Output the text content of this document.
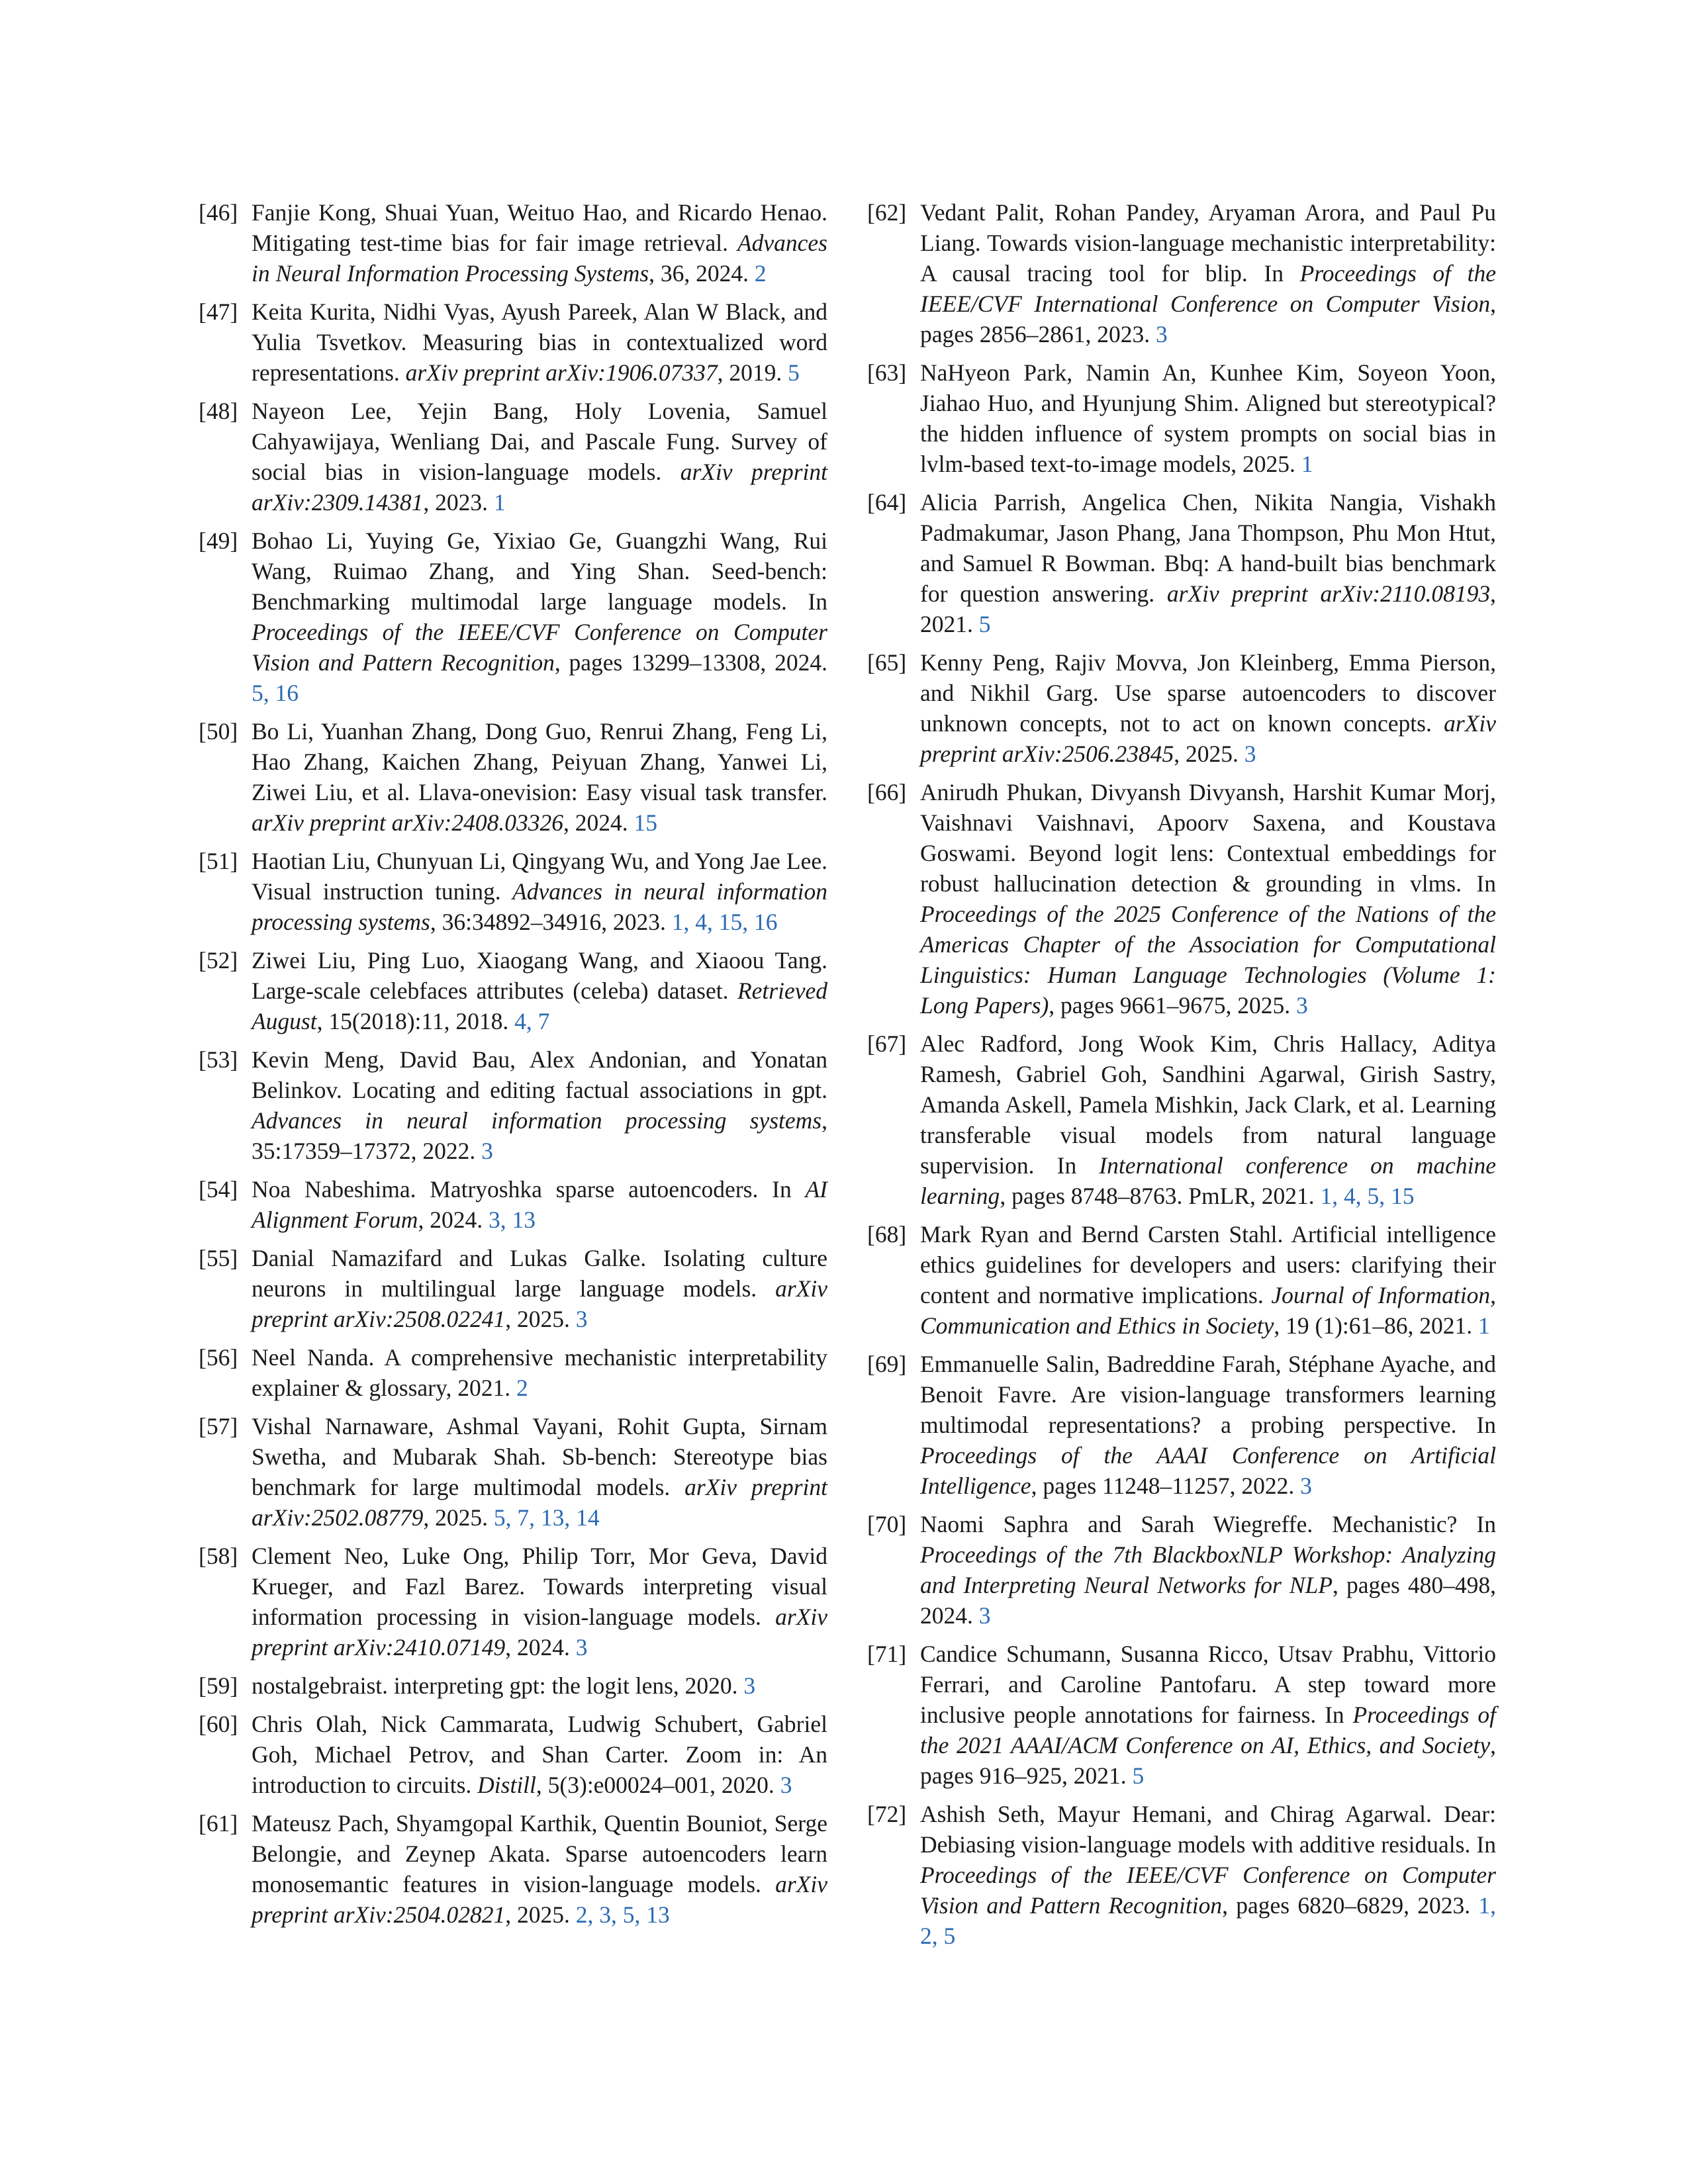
[46] Fanjie Kong, Shuai Yuan, Weituo Hao, and Ricardo Henao. Mitigating test-time bias for fair image retrieval. Advances in Neural Information Processing Systems, 36, 2024. 2
[47] Keita Kurita, Nidhi Vyas, Ayush Pareek, Alan W Black, and Yulia Tsvetkov. Measuring bias in contextualized word representations. arXiv preprint arXiv:1906.07337, 2019. 5
[48] Nayeon Lee, Yejin Bang, Holy Lovenia, Samuel Cahyawijaya, Wenliang Dai, and Pascale Fung. Survey of social bias in vision-language models. arXiv preprint arXiv:2309.14381, 2023. 1
[49] Bohao Li, Yuying Ge, Yixiao Ge, Guangzhi Wang, Rui Wang, Ruimao Zhang, and Ying Shan. Seed-bench: Benchmarking multimodal large language models. In Proceedings of the IEEE/CVF Conference on Computer Vision and Pattern Recognition, pages 13299–13308, 2024. 5, 16
[50] Bo Li, Yuanhan Zhang, Dong Guo, Renrui Zhang, Feng Li, Hao Zhang, Kaichen Zhang, Peiyuan Zhang, Yanwei Li, Ziwei Liu, et al. Llava-onevision: Easy visual task transfer. arXiv preprint arXiv:2408.03326, 2024. 15
[51] Haotian Liu, Chunyuan Li, Qingyang Wu, and Yong Jae Lee. Visual instruction tuning. Advances in neural information processing systems, 36:34892–34916, 2023. 1, 4, 15, 16
[52] Ziwei Liu, Ping Luo, Xiaogang Wang, and Xiaoou Tang. Large-scale celebfaces attributes (celeba) dataset. Retrieved August, 15(2018):11, 2018. 4, 7
[53] Kevin Meng, David Bau, Alex Andonian, and Yonatan Belinkov. Locating and editing factual associations in gpt. Advances in neural information processing systems, 35:17359–17372, 2022. 3
[54] Noa Nabeshima. Matryoshka sparse autoencoders. In AI Alignment Forum, 2024. 3, 13
[55] Danial Namazifard and Lukas Galke. Isolating culture neurons in multilingual large language models. arXiv preprint arXiv:2508.02241, 2025. 3
[56] Neel Nanda. A comprehensive mechanistic interpretability explainer & glossary, 2021. 2
[57] Vishal Narnaware, Ashmal Vayani, Rohit Gupta, Sirnam Swetha, and Mubarak Shah. Sb-bench: Stereotype bias benchmark for large multimodal models. arXiv preprint arXiv:2502.08779, 2025. 5, 7, 13, 14
[58] Clement Neo, Luke Ong, Philip Torr, Mor Geva, David Krueger, and Fazl Barez. Towards interpreting visual information processing in vision-language models. arXiv preprint arXiv:2410.07149, 2024. 3
[59] nostalgebraist. interpreting gpt: the logit lens, 2020. 3
[60] Chris Olah, Nick Cammarata, Ludwig Schubert, Gabriel Goh, Michael Petrov, and Shan Carter. Zoom in: An introduction to circuits. Distill, 5(3):e00024–001, 2020. 3
[61] Mateusz Pach, Shyamgopal Karthik, Quentin Bouniot, Serge Belongie, and Zeynep Akata. Sparse autoencoders learn monosemantic features in vision-language models. arXiv preprint arXiv:2504.02821, 2025. 2, 3, 5, 13
[62] Vedant Palit, Rohan Pandey, Aryaman Arora, and Paul Pu Liang. Towards vision-language mechanistic interpretability: A causal tracing tool for blip. In Proceedings of the IEEE/CVF International Conference on Computer Vision, pages 2856–2861, 2023. 3
[63] NaHyeon Park, Namin An, Kunhee Kim, Soyeon Yoon, Jiahao Huo, and Hyunjung Shim. Aligned but stereotypical? the hidden influence of system prompts on social bias in lvlm-based text-to-image models, 2025. 1
[64] Alicia Parrish, Angelica Chen, Nikita Nangia, Vishakh Padmakumar, Jason Phang, Jana Thompson, Phu Mon Htut, and Samuel R Bowman. Bbq: A hand-built bias benchmark for question answering. arXiv preprint arXiv:2110.08193, 2021. 5
[65] Kenny Peng, Rajiv Movva, Jon Kleinberg, Emma Pierson, and Nikhil Garg. Use sparse autoencoders to discover unknown concepts, not to act on known concepts. arXiv preprint arXiv:2506.23845, 2025. 3
[66] Anirudh Phukan, Divyansh Divyansh, Harshit Kumar Morj, Vaishnavi Vaishnavi, Apoorv Saxena, and Koustava Goswami. Beyond logit lens: Contextual embeddings for robust hallucination detection & grounding in vlms. In Proceedings of the 2025 Conference of the Nations of the Americas Chapter of the Association for Computational Linguistics: Human Language Technologies (Volume 1: Long Papers), pages 9661–9675, 2025. 3
[67] Alec Radford, Jong Wook Kim, Chris Hallacy, Aditya Ramesh, Gabriel Goh, Sandhini Agarwal, Girish Sastry, Amanda Askell, Pamela Mishkin, Jack Clark, et al. Learning transferable visual models from natural language supervision. In International conference on machine learning, pages 8748–8763. PmLR, 2021. 1, 4, 5, 15
[68] Mark Ryan and Bernd Carsten Stahl. Artificial intelligence ethics guidelines for developers and users: clarifying their content and normative implications. Journal of Information, Communication and Ethics in Society, 19 (1):61–86, 2021. 1
[69] Emmanuelle Salin, Badreddine Farah, Stéphane Ayache, and Benoit Favre. Are vision-language transformers learning multimodal representations? a probing perspective. In Proceedings of the AAAI Conference on Artificial Intelligence, pages 11248–11257, 2022. 3
[70] Naomi Saphra and Sarah Wiegreffe. Mechanistic? In Proceedings of the 7th BlackboxNLP Workshop: Analyzing and Interpreting Neural Networks for NLP, pages 480–498, 2024. 3
[71] Candice Schumann, Susanna Ricco, Utsav Prabhu, Vittorio Ferrari, and Caroline Pantofaru. A step toward more inclusive people annotations for fairness. In Proceedings of the 2021 AAAI/ACM Conference on AI, Ethics, and Society, pages 916–925, 2021. 5
[72] Ashish Seth, Mayur Hemani, and Chirag Agarwal. Dear: Debiasing vision-language models with additive residuals. In Proceedings of the IEEE/CVF Conference on Computer Vision and Pattern Recognition, pages 6820–6829, 2023. 1, 2, 5
